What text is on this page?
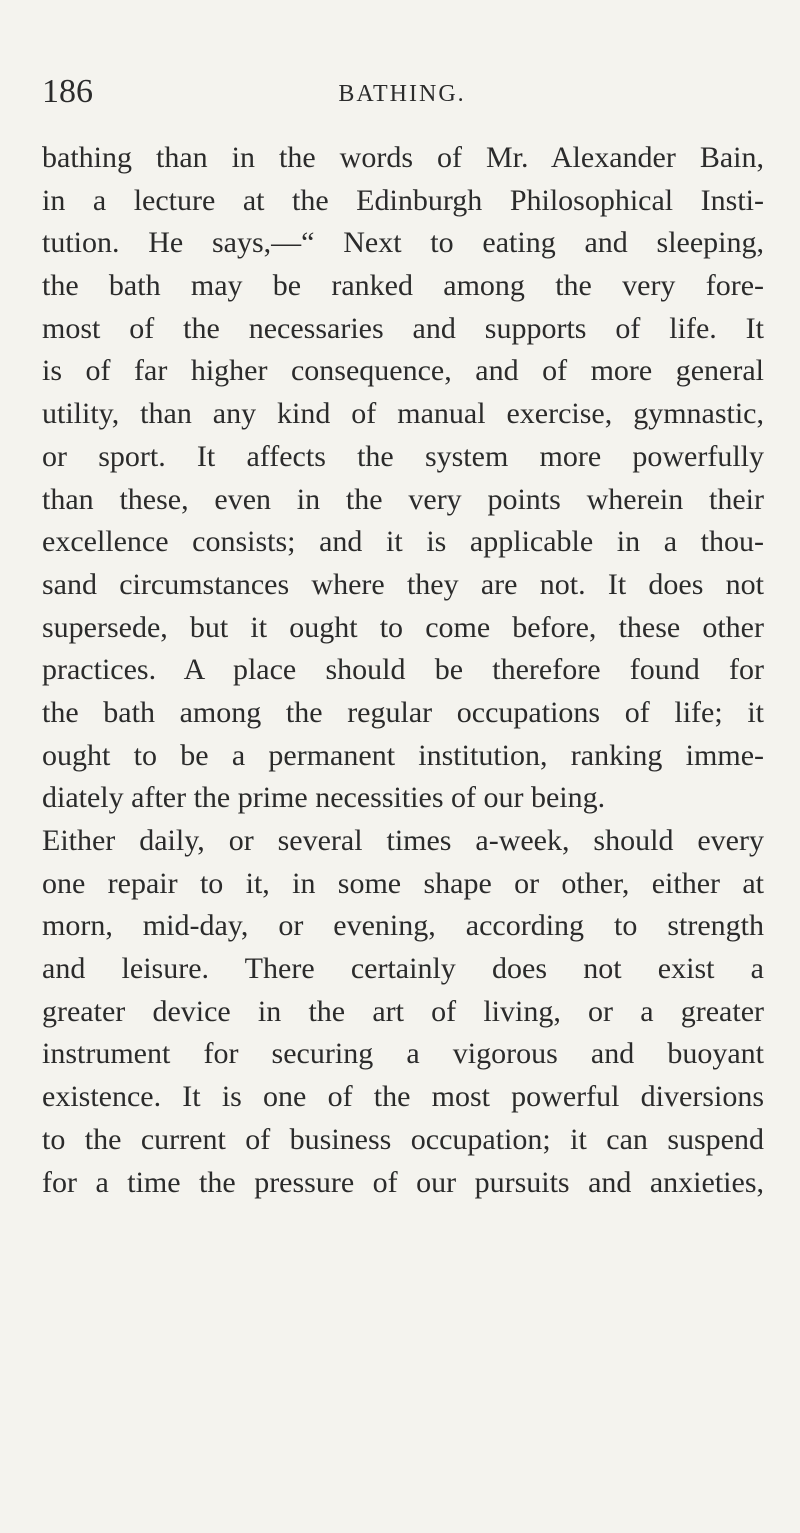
186	BATHING.
bathing than in the words of Mr. Alexander Bain,
in a lecture at the Edinburgh Philosophical Insti-
tution. He says,—“ Next to eating and sleeping,
the bath may be ranked among the very fore-
most of the necessaries and supports of life. It
is of far higher consequence, and of more general
utility, than any kind of manual exercise, gymnastic,
or sport. It affects the system more powerfully
than these, even in the very points wherein their
excellence consists; and it is applicable in a thou-
sand circumstances where they are not. It does not
supersede, but it ought to come before, these other
practices. A place should be therefore found for
the bath among the regular occupations of life; it
ought to be a permanent institution, ranking imme-
diately after the prime necessities of our being.
Either daily, or several times a-week, should every
one repair to it, in some shape or other, either at
morn, mid-day, or evening, according to strength
and leisure. There certainly does not exist a
greater device in the art of living, or a greater
instrument for securing a vigorous and buoyant
existence. It is one of the most powerful diversions
to the current of business occupation; it can suspend
for a time the pressure of our pursuits and anxieties,
